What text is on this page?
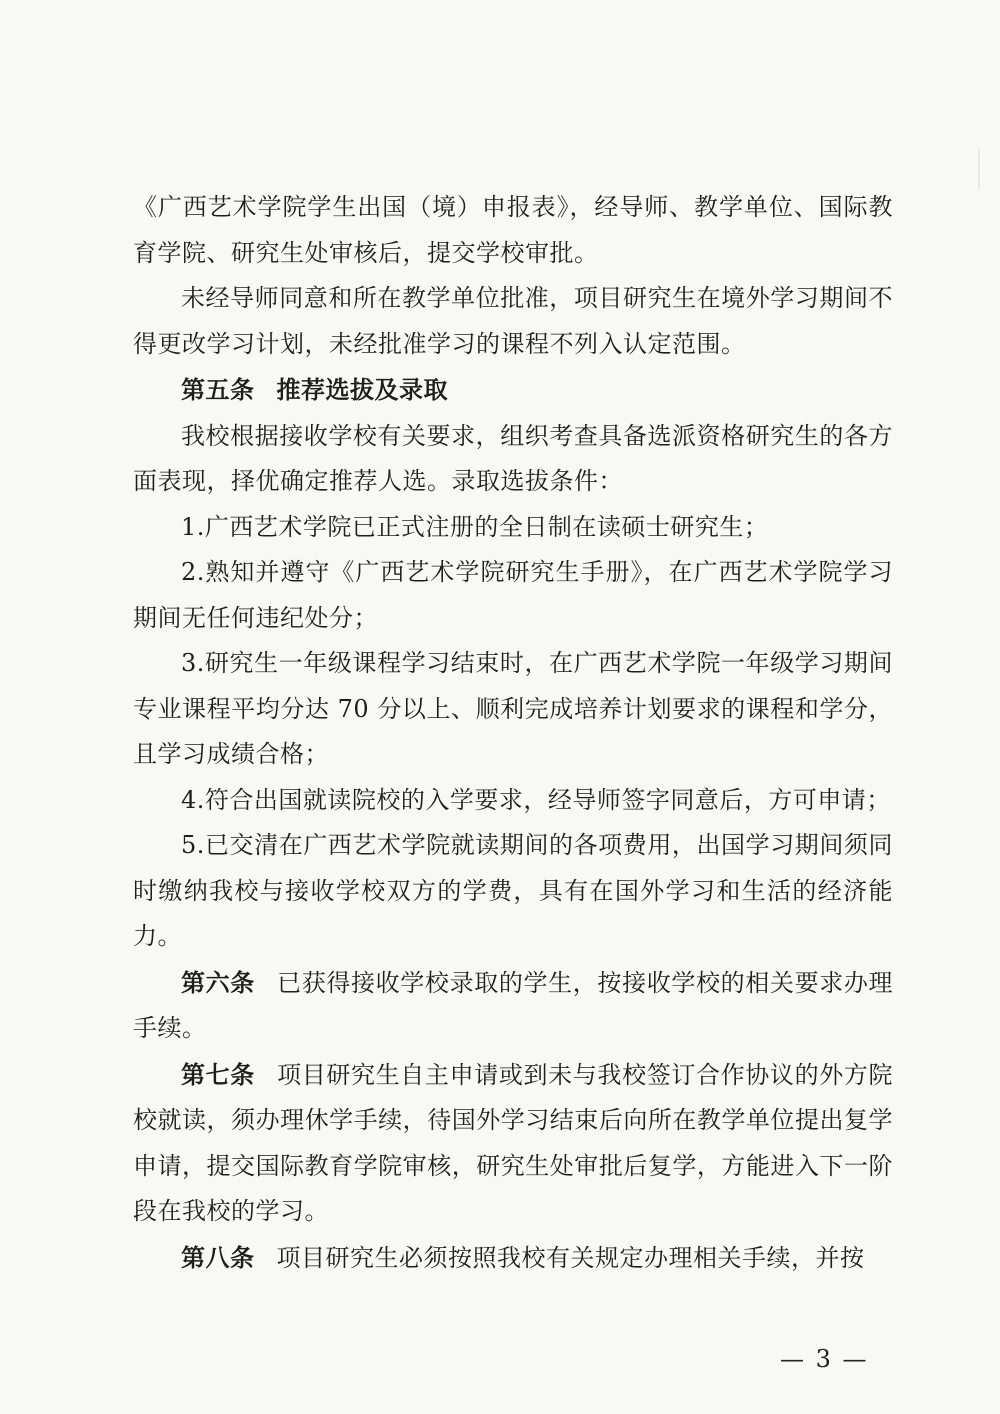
《广西艺术学院学生出国（境）申报表》，经导师、教学单位、国际教育学院、研究生处审核后，提交学校审批。

未经导师同意和所在教学单位批准，项目研究生在境外学习期间不得更改学习计划，未经批准学习的课程不列入认定范围。

第五条 推荐选拔及录取

我校根据接收学校有关要求，组织考查具备选派资格研究生的各方面表现，择优确定推荐人选。录取选拔条件：

1.广西艺术学院已正式注册的全日制在读硕士研究生；

2.熟知并遵守《广西艺术学院研究生手册》，在广西艺术学院学习期间无任何违纪处分；

3.研究生一年级课程学习结束时，在广西艺术学院一年级学习期间专业课程平均分达 70 分以上、顺利完成培养计划要求的课程和学分，且学习成绩合格；

4.符合出国就读院校的入学要求，经导师签字同意后，方可申请；

5.已交清在广西艺术学院就读期间的各项费用，出国学习期间须同时缴纳我校与接收学校双方的学费，具有在国外学习和生活的经济能力。

第六条 已获得接收学校录取的学生，按接收学校的相关要求办理手续。

第七条 项目研究生自主申请或到未与我校签订合作协议的外方院校就读，须办理休学手续，待国外学习结束后向所在教学单位提出复学申请，提交国际教育学院审核，研究生处审批后复学，方能进入下一阶段在我校的学习。

第八条 项目研究生必须按照我校有关规定办理相关手续，并按

— 3 —
